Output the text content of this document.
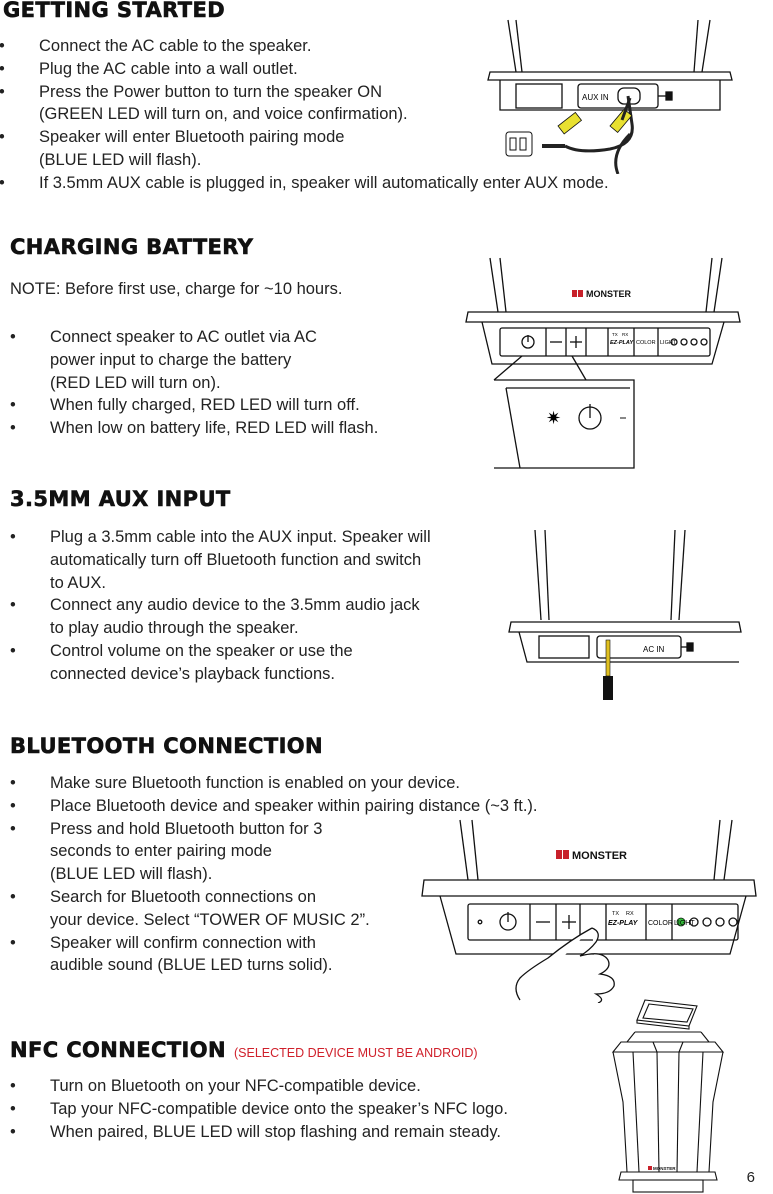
GETTING STARTED
• Connect the AC cable to the speaker.
• Plug the AC cable into a wall outlet.
• Press the Power button to turn the speaker ON
(GREEN LED will turn on, and voice confirmation).
• Speaker will enter Bluetooth pairing mode
(BLUE LED will flash).
• If 3.5mm AUX cable is plugged in, speaker will automatically enter AUX mode.
AUX IN
CHARGING BATTERY

NOTE: Before first use, charge for ~10 hours.

• Connect speaker to AC outlet via AC
power input to charge the battery
(RED LED will turn on).
• When fully charged, RED LED will turn off.
• When low on battery life, RED LED will flash.
MONSTER
EZ-PLAY COLOR LIGHT
TX RX
✷
3.5MM AUX INPUT
• Plug a 3.5mm cable into the AUX input. Speaker will
automatically turn off Bluetooth function and switch
to AUX.
• Connect any audio device to the 3.5mm audio jack
to play audio through the speaker.
• Control volume on the speaker or use the
connected device’s playback functions.
AC IN
BLUETOOTH CONNECTION
• Make sure Bluetooth function is enabled on your device.
• Place Bluetooth device and speaker within pairing distance (~3 ft.).
• Press and hold Bluetooth button for 3
seconds to enter pairing mode
(BLUE LED will flash).
• Search for Bluetooth connections on
your device. Select “TOWER OF MUSIC 2”.
• Speaker will confirm connection with
audible sound (BLUE LED turns solid).
MONSTER
EZ-PLAY COLOR LIGHT
TX RX
NFC CONNECTION (SELECTED DEVICE MUST BE ANDROID)
• Turn on Bluetooth on your NFC-compatible device.
• Tap your NFC-compatible device onto the speaker’s NFC logo.
• When paired, BLUE LED will stop flashing and remain steady.
MONSTER
6
